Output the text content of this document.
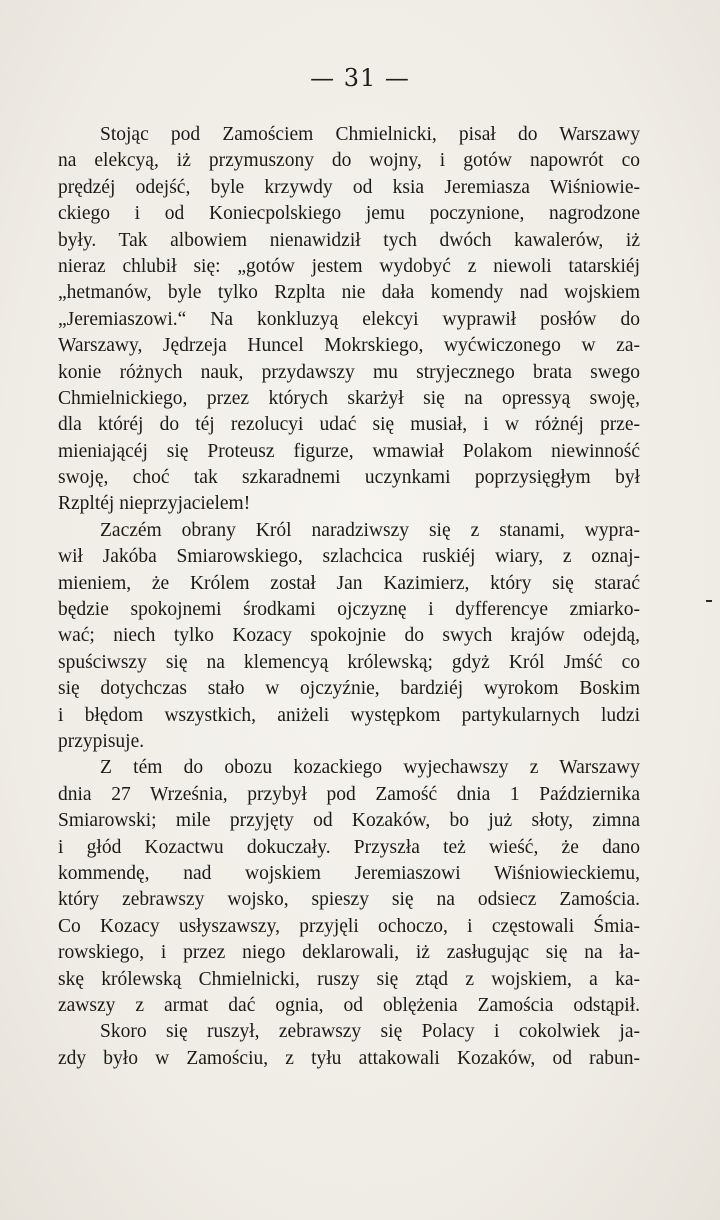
— 31 —
Stojąc pod Zamościem Chmielnicki, pisał do Warszawy
na elekcyą, iż przymuszony do wojny, i gotów napowrót co
prędzéj odejść, byle krzywdy od ksia Jeremiasza Wiśniowie-
ckiego i od Koniecpolskiego jemu poczynione, nagrodzone
były. Tak albowiem nienawidził tych dwóch kawalerów, iż
nieraz chlubił się: „gotów jestem wydobyć z niewoli tatarskiéj
„hetmanów, byle tylko Rzplta nie dała komendy nad wojskiem
„Jeremiaszowi.“ Na konkluzyą elekcyi wyprawił posłów do
Warszawy, Jędrzeja Huncel Mokrskiego, wyćwiczonego w za-
konie różnych nauk, przydawszy mu stryjecznego brata swego
Chmielnickiego, przez których skarżył się na opressyą swoję,
dla któréj do téj rezolucyi udać się musiał, i w różnéj prze-
mieniającéj się Proteusz figurze, wmawiał Polakom niewinność
swoję, choć tak szkaradnemi uczynkami poprzysięgłym był
Rzpltéj nieprzyjacielem!
Zaczém obrany Król naradziwszy się z stanami, wypra-
wił Jakóba Smiarowskiego, szlachcica ruskiéj wiary, z oznaj-
mieniem, że Królem został Jan Kazimierz, który się starać
będzie spokojnemi środkami ojczyznę i dyfferencye zmiarko-
wać; niech tylko Kozacy spokojnie do swych krajów odejdą,
spuściwszy się na klemencyą królewską; gdyż Król Jmść co
się dotychczas stało w ojczyźnie, bardziéj wyrokom Boskim
i błędom wszystkich, aniżeli występkom partykularnych ludzi
przypisuje.
Z tém do obozu kozackiego wyjechawszy z Warszawy
dnia 27 Września, przybył pod Zamość dnia 1 Października
Smiarowski; mile przyjęty od Kozaków, bo już słoty, zimna
i głód Kozactwu dokuczały. Przyszła też wieść, że dano
kommendę, nad wojskiem Jeremiaszowi Wiśniowieckiemu,
który zebrawszy wojsko, spieszy się na odsiecz Zamościa.
Co Kozacy usłyszawszy, przyjęli ochoczo, i częstowali Śmia-
rowskiego, i przez niego deklarowali, iż zasługując się na ła-
skę królewską Chmielnicki, ruszy się ztąd z wojskiem, a ka-
zawszy z armat dać ognia, od oblężenia Zamościa odstąpił.
Skoro się ruszył, zebrawszy się Polacy i cokolwiek ja-
zdy było w Zamościu, z tyłu attakowali Kozaków, od rabun-
